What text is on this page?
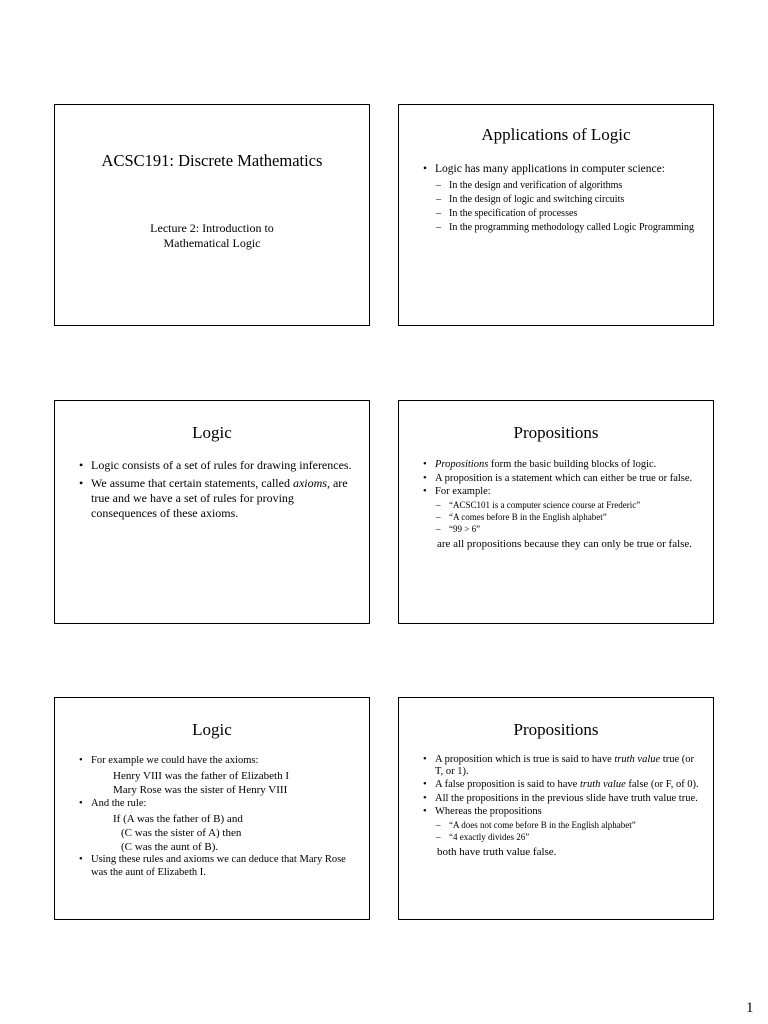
ACSC191: Discrete Mathematics
Lecture 2: Introduction to
Mathematical Logic
Applications of Logic
• Logic has many applications in computer science:
– In the design and verification of algorithms
– In the design of logic and switching circuits
– In the specification of processes
– In the programming methodology called Logic Programming
Logic
• Logic consists of a set of rules for drawing inferences.
• We assume that certain statements, called axioms, are true and we have a set of rules for proving consequences of these axioms.
Propositions
• Propositions form the basic building blocks of logic.
• A proposition is a statement which can either be true or false.
• For example:
– “ACSC101 is a computer science course at Frederic”
– “A comes before B in the English alphabet”
– “99 > 6”
are all propositions because they can only be true or false.
Logic
• For example we could have the axioms:
Henry VIII was the father of Elizabeth I
Mary Rose was the sister of Henry VIII
• And the rule:
If (A was the father of B) and
(C was the sister of A) then
(C was the aunt of B).
• Using these rules and axioms we can deduce that Mary Rose was the aunt of Elizabeth I.
Propositions
• A proposition which is true is said to have truth value true (or T, or 1).
• A false proposition is said to have truth value false (or F, of 0).
• All the propositions in the previous slide have truth value true.
• Whereas the propositions
– “A does not come before B in the English alphabet”
– “4 exactly divides 26”
both have truth value false.
1
